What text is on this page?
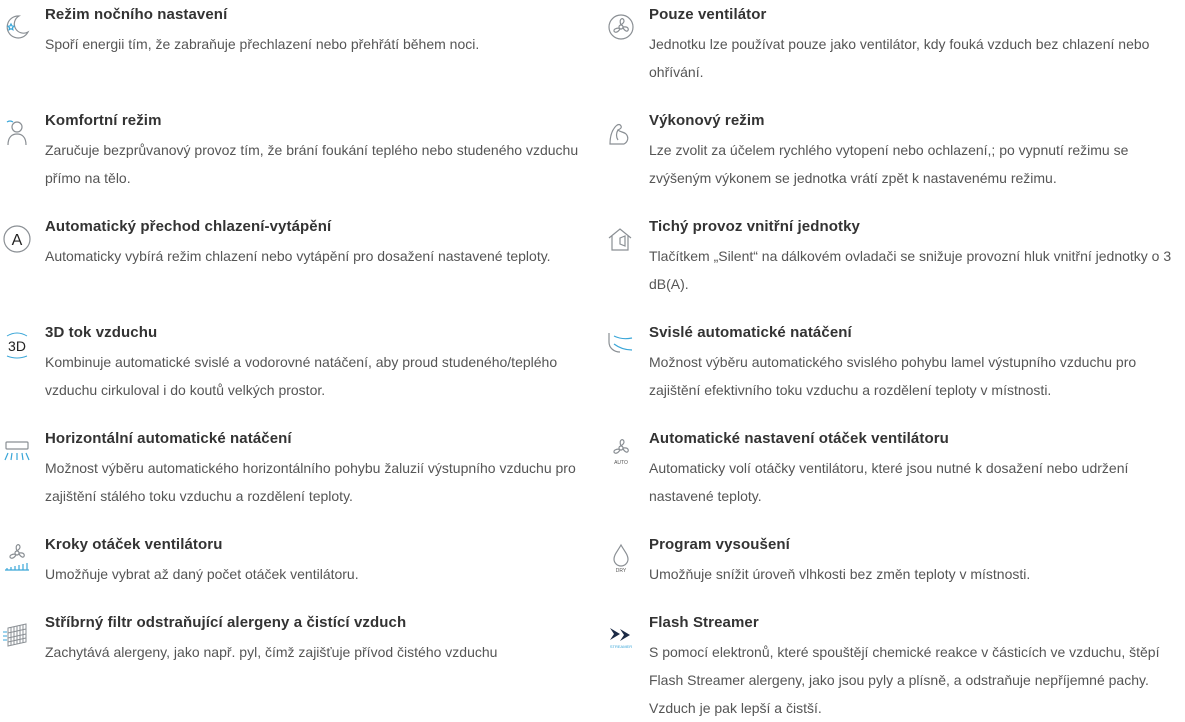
Režim nočního nastavení
Spoří energii tím, že zabraňuje přechlazení nebo přehřátí během noci.
Pouze ventilátor
Jednotku lze používat pouze jako ventilátor, kdy fouká vzduch bez chlazení nebo ohřívání.
Komfortní režim
Zaručuje bezprůvanový provoz tím, že brání foukání teplého nebo studeného vzduchu přímo na tělo.
Výkonový režim
Lze zvolit za účelem rychlého vytopení nebo ochlazení,; po vypnutí režimu se zvýšeným výkonem se jednotka vrátí zpět k nastavenému režimu.
A
Automatický přechod chlazení-vytápění
Automaticky vybírá režim chlazení nebo vytápění pro dosažení nastavené teploty.
Tichý provoz vnitřní jednotky
Tlačítkem „Silent“ na dálkovém ovladači se snižuje provozní hluk vnitřní jednotky o 3 dB(A).
3D
3D tok vzduchu
Kombinuje automatické svislé a vodorovné natáčení, aby proud studeného/teplého vzduchu cirkuloval i do koutů velkých prostor.
Svislé automatické natáčení
Možnost výběru automatického svislého pohybu lamel výstupního vzduchu pro zajištění efektivního toku vzduchu a rozdělení teploty v místnosti.
Horizontální automatické natáčení
Možnost výběru automatického horizontálního pohybu žaluzií výstupního vzduchu pro zajištění stálého toku vzduchu a rozdělení teploty.
AUTO
Automatické nastavení otáček ventilátoru
Automaticky volí otáčky ventilátoru, které jsou nutné k dosažení nebo udržení nastavené teploty.
Kroky otáček ventilátoru
Umožňuje vybrat až daný počet otáček ventilátoru.	DRY
Program vysoušení
Umožňuje snížit úroveň vlhkosti bez změn teploty v místnosti.
Stříbrný filtr odstraňující alergeny a čistící vzduch
Zachytává alergeny, jako např. pyl, čímž zajišťuje přívod čistého vzduchu	STREAMER
Flash Streamer
S pomocí elektronů, které spouštějí chemické reakce v částicích ve vzduchu, štěpí Flash Streamer alergeny, jako jsou pyly a plísně, a odstraňuje nepříjemné pachy. Vzduch je pak lepší a čistší.
